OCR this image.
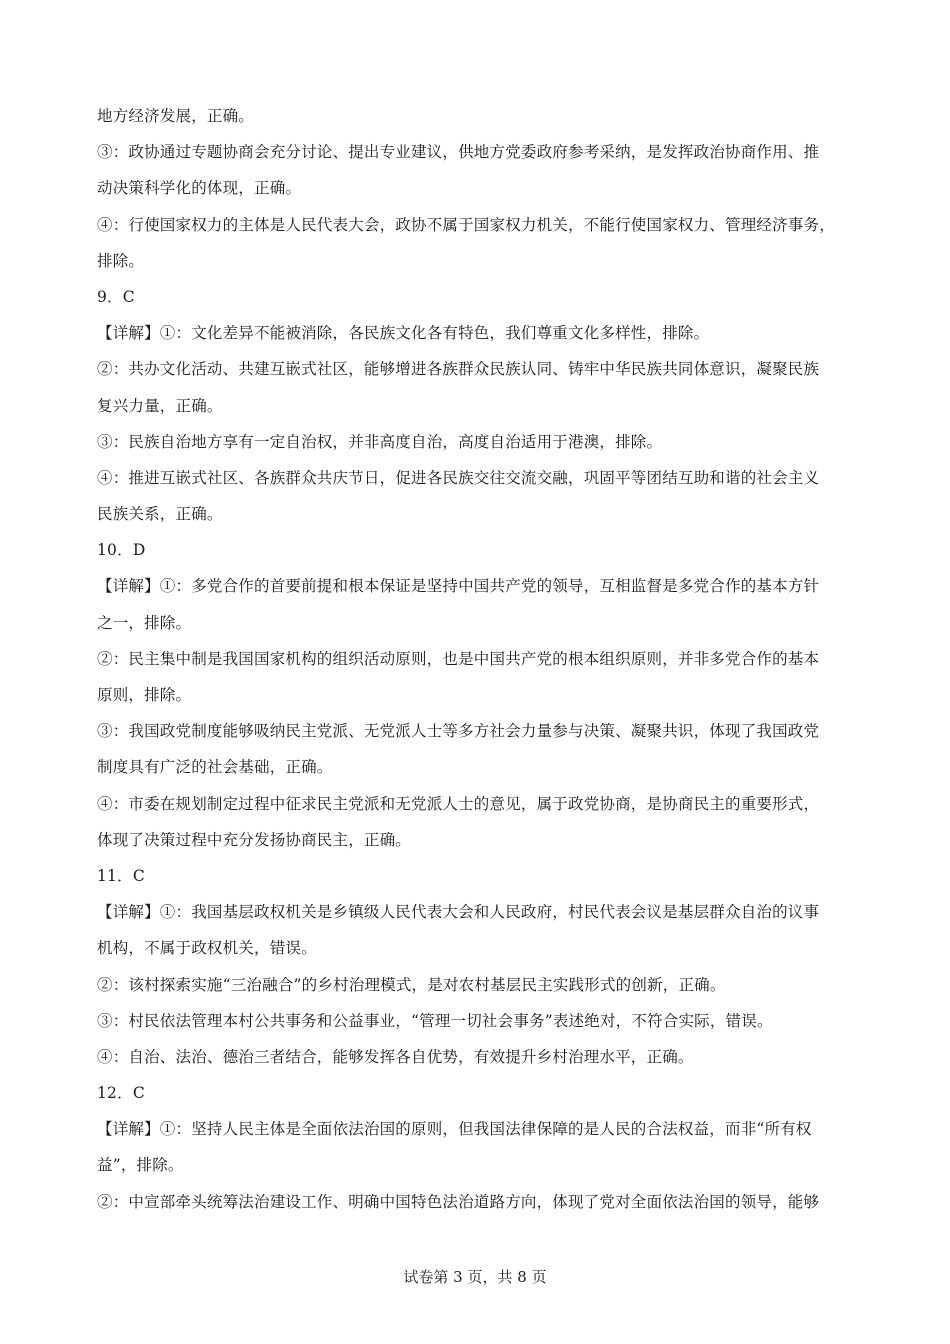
地方经济发展，正确。
③：政协通过专题协商会充分讨论、提出专业建议，供地方党委政府参考采纳，是发挥政治协商作用、推
动决策科学化的体现，正确。
④：行使国家权力的主体是人民代表大会，政协不属于国家权力机关，不能行使国家权力、管理经济事务，
排除。
9．C
【详解】①：文化差异不能被消除，各民族文化各有特色，我们尊重文化多样性，排除。
②：共办文化活动、共建互嵌式社区，能够增进各族群众民族认同、铸牢中华民族共同体意识，凝聚民族
复兴力量，正确。
③：民族自治地方享有一定自治权，并非高度自治，高度自治适用于港澳，排除。
④：推进互嵌式社区、各族群众共庆节日，促进各民族交往交流交融，巩固平等团结互助和谐的社会主义
民族关系，正确。
10．D
【详解】①：多党合作的首要前提和根本保证是坚持中国共产党的领导，互相监督是多党合作的基本方针
之一，排除。
②：民主集中制是我国国家机构的组织活动原则，也是中国共产党的根本组织原则，并非多党合作的基本
原则，排除。
③：我国政党制度能够吸纳民主党派、无党派人士等多方社会力量参与决策、凝聚共识，体现了我国政党
制度具有广泛的社会基础，正确。
④：市委在规划制定过程中征求民主党派和无党派人士的意见，属于政党协商，是协商民主的重要形式，
体现了决策过程中充分发扬协商民主，正确。
11．C
【详解】①：我国基层政权机关是乡镇级人民代表大会和人民政府，村民代表会议是基层群众自治的议事
机构，不属于政权机关，错误。
②：该村探索实施“三治融合”的乡村治理模式，是对农村基层民主实践形式的创新，正确。
③：村民依法管理本村公共事务和公益事业，“管理一切社会事务”表述绝对，不符合实际，错误。
④：自治、法治、德治三者结合，能够发挥各自优势，有效提升乡村治理水平，正确。
12．C
【详解】①：坚持人民主体是全面依法治国的原则，但我国法律保障的是人民的合法权益，而非“所有权
益”，排除。
②：中宣部牵头统筹法治建设工作、明确中国特色法治道路方向，体现了党对全面依法治国的领导，能够
试卷第 3 页，共 8 页
